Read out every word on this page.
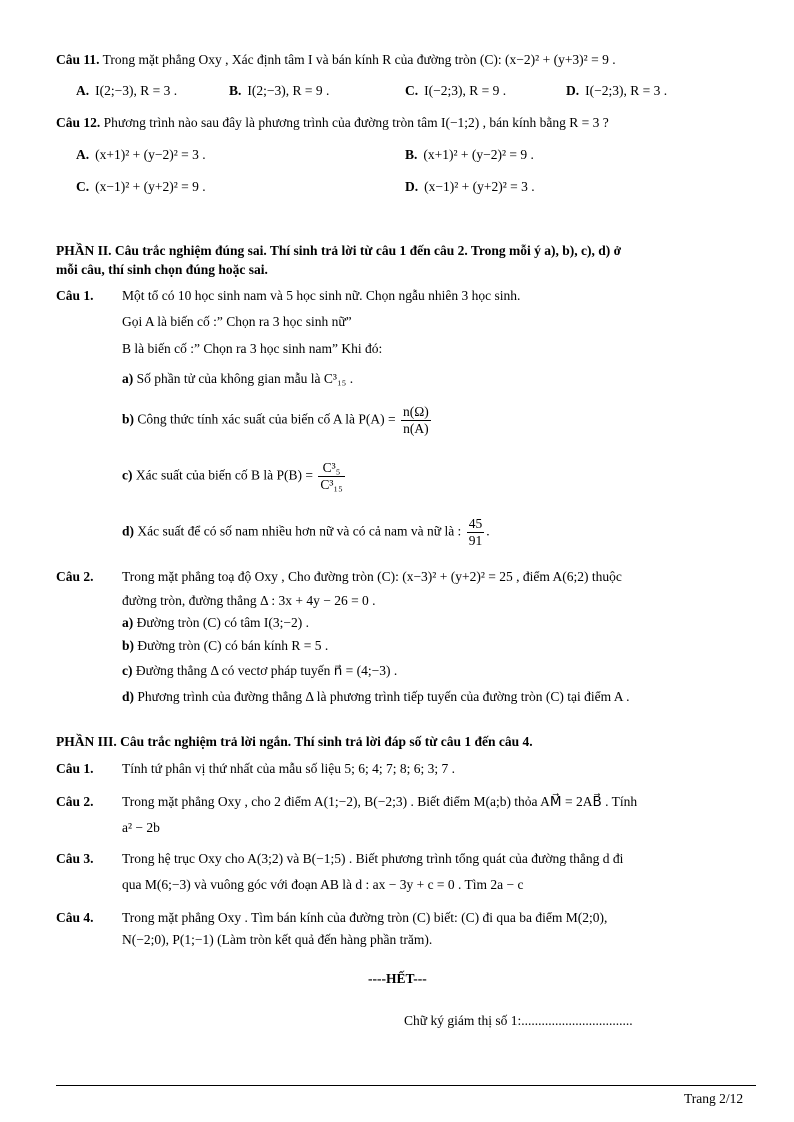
Câu 11. Trong mặt phẳng Oxy , Xác định tâm I và bán kính R của đường tròn (C): (x−2)² + (y+3)² = 9 .
A. I(2;−3), R = 3 .	B. I(2;−3), R = 9 .	C. I(−2;3), R = 9 .	D. I(−2;3), R = 3 .
Câu 12. Phương trình nào sau đây là phương trình của đường tròn tâm I(−1;2) , bán kính bằng R = 3 ?
A. (x+1)² + (y−2)² = 3 .	B. (x+1)² + (y−2)² = 9 .
C. (x−1)² + (y+2)² = 9 .	D. (x−1)² + (y+2)² = 3 .
PHẦN II. Câu trắc nghiệm đúng sai. Thí sinh trả lời từ câu 1 đến câu 2. Trong mỗi ý a), b), c), d) ở
mỗi câu, thí sinh chọn đúng hoặc sai.
Câu 1. Một tổ có 10 học sinh nam và 5 học sinh nữ. Chọn ngẫu nhiên 3 học sinh.
Gọi A là biến cố :” Chọn ra 3 học sinh nữ”
B là biến cố :” Chọn ra 3 học sinh nam” Khi đó:
a) Số phần tử của không gian mẫu là C³₁₅ .
b) Công thức tính xác suất của biến cố A là $P(A) = \frac{n(\Omega)}{n(A)}$
c) Xác suất của biến cố B là $P(B) = \frac{\text{C³₅}}{\text{C³₁₅}}$
d) Xác suất để có số nam nhiều hơn nữ và có cả nam và nữ là : $\frac{45}{91}$ .
Câu 2. Trong mặt phẳng toạ độ Oxy , Cho đường tròn (C): (x−3)² + (y+2)² = 25 , điểm A(6;2) thuộc
đường tròn, đường thẳng Δ : 3x + 4y − 26 = 0 .
a) Đường tròn (C) có tâm I(3;−2) .
b) Đường tròn (C) có bán kính R = 5 .
c) Đường thẳng Δ có vectơ pháp tuyến n⃗ = (4;−3) .
d) Phương trình của đường thẳng Δ là phương trình tiếp tuyến của đường tròn (C) tại điểm A .
PHẦN III. Câu trắc nghiệm trả lời ngắn. Thí sinh trả lời đáp số từ câu 1 đến câu 4.
Câu 1. Tính tứ phân vị thứ nhất của mẫu số liệu 5; 6; 4; 7; 8; 6; 3; 7 .
Câu 2. Trong mặt phẳng Oxy , cho 2 điểm A(1;−2), B(−2;3) . Biết điểm M(a;b) thỏa AM⃗ = 2AB⃗ . Tính
a² − 2b
Câu 3. Trong hệ trục Oxy cho A(3;2) và B(−1;5) . Biết phương trình tổng quát của đường thẳng d đi
qua M(6;−3) và vuông góc với đoạn AB là d : ax − 3y + c = 0 . Tìm 2a − c
Câu 4. Trong mặt phẳng Oxy . Tìm bán kính của đường tròn (C) biết: (C) đi qua ba điểm M(2;0),
N(−2;0), P(1;−1) (Làm tròn kết quả đến hàng phần trăm).
----HẾT---
Chữ ký giám thị số 1:.................................
Trang 2/12
